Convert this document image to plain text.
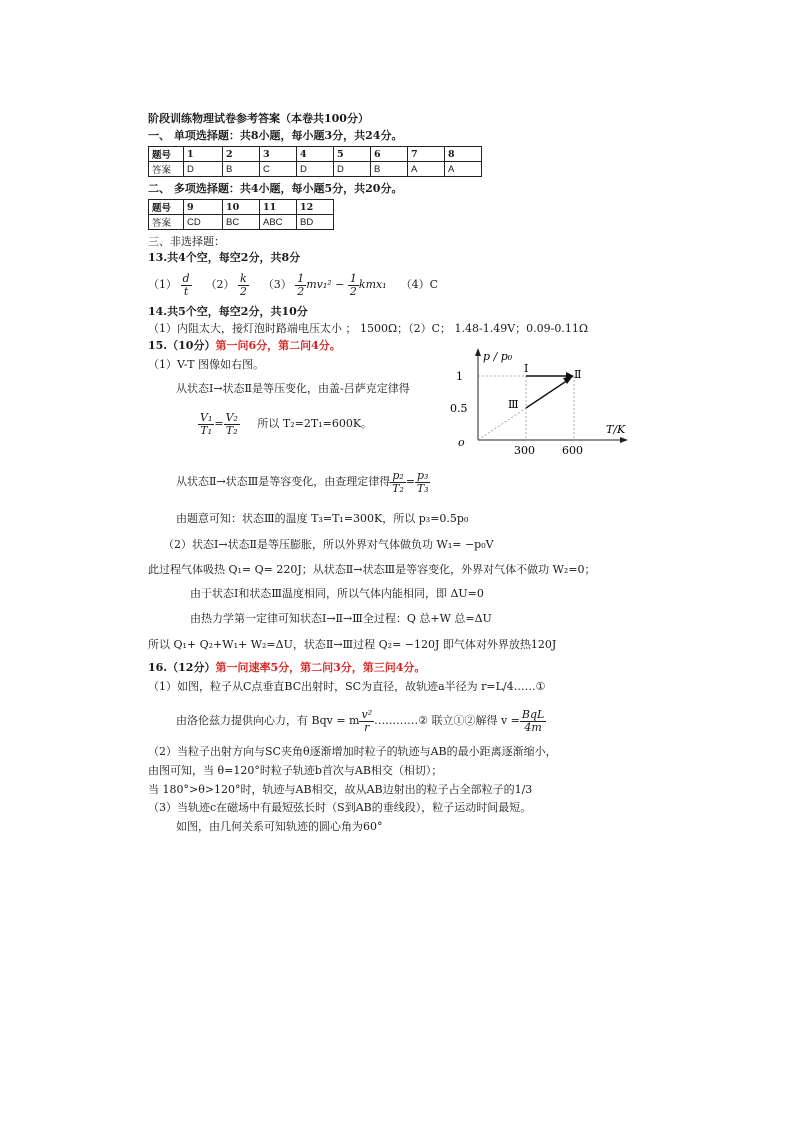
阶段训练物理试卷参考答案（本卷共100分）
一、 单项选择题：共8小题，每小题3分，共24分。
题号	1	2	3	4	5	6	7	8
答案	D	B	C	D	D	B	A	A
二、 多项选择题：共4小题，每小题5分，共20分。
题号	9	10	11	12
答案	CD	BC	ABC	BD
三、非选择题：
13.共4个空，每空2分，共8分
$(1) \frac{d}{t} (2) \frac{k}{2} (3) \frac{1}{2} mv_1^2 - \frac{1}{2} kmx_1$ （4）C
14.共5个空，每空2分，共10分
（1）内阻太大，接灯泡时路端电压太小 ； 1500Ω；（2）C； 1.48-1.49V；0.09-0.11Ω
15.（10分）第一问6分，第二问4分。
（1）V-T 图像如右图。
从状态Ⅰ→状态Ⅱ是等压变化，由盖-吕萨克定律得
$\frac{\text{V₁}}{\text{T₁}} = \frac{\text{V₂}}{\text{T₂}}$ 所以 T₂=2T₁=600K。
p / p₀
T/K
1
0.5
300 600
o
Ⅰ	Ⅱ
Ⅲ
从状态Ⅱ→状态Ⅲ是等容变化，由查理定律得 $\frac{\text{p₂}}{\text{T₂}} = \frac{\text{p₃}}{\text{T₃}}$
由题意可知：状态Ⅲ的温度 T₃=T₁=300K，所以 p₃=0.5p₀
（2）状态Ⅰ→状态Ⅱ是等压膨胀，所以外界对气体做负功 W₁= −p₀V
此过程气体吸热 Q₁= Q= 220J；从状态Ⅱ→状态Ⅲ是等容变化，外界对气体不做功 W₂=0；
由于状态Ⅰ和状态Ⅲ温度相同，所以气体内能相同，即 ΔU=0
由热力学第一定律可知状态Ⅰ→Ⅱ→Ⅲ全过程：Q 总+W 总=ΔU
所以 Q₁+ Q₂+W₁+ W₂=ΔU，状态Ⅱ→Ⅲ过程 Q₂= −120J 即气体对外界放热120J
16.（12分）第一问速率5分，第二问3分，第三问4分。
（1）如图，粒子从C点垂直BC出射时，SC为直径，故轨迹a半径为 r=L/4……①
由洛伦兹力提供向心力，有 Bqv = m $\frac{\text{v²}}{r}$ …………② 联立①②解得 $v = \frac{\text{BqL}}{4m}$
（2）当粒子出射方向与SC夹角θ逐渐增加时粒子的轨迹与AB的最小距离逐渐缩小，
由图可知，当 θ=120°时粒子轨迹b首次与AB相交（相切）；
当 180°>θ>120°时，轨迹与AB相交，故从AB边射出的粒子占全部粒子的1/3
（3）当轨迹c在磁场中有最短弦长时（S到AB的垂线段），粒子运动时间最短。
如图，由几何关系可知轨迹的圆心角为60°
